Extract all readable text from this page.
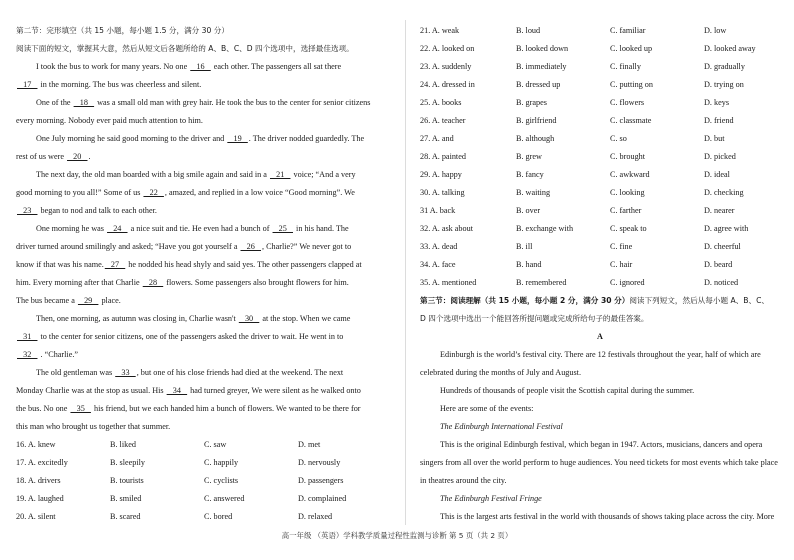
第二节：完形填空（共 15 小题，每小题 1.5 分，满分 30 分）
阅读下面的短文，掌握其大意，然后从短文后各题所给的 A、B、C、D 四个选项中，选择最佳选项。
I took the bus to work for many years. No one    16    each other. The passengers all sat there
17    in the morning. The bus was cheerless and silent.
One of the    18    was a small old man with grey hair. He took the bus to the center for senior citizens
every morning. Nobody ever paid much attention to him.
One July morning he said good morning to the driver and    19   . The driver nodded guardedly. The
rest of us were    20   .
The next day, the old man boarded with a big smile again and said in a    21    voice; “And a very
good morning to you all!” Some of us    22   , amazed, and replied in a low voice “Good morning”. We
23    began to nod and talk to each other.
One morning he was    24    a nice suit and tie. He even had a bunch of    25    in his hand. The
driver turned around smilingly and asked; “Have you got yourself a    26   , Charlie?” We never got to
know if that was his name.   27    he nodded his head shyly and said yes. The other passengers clapped at
him. Every morning after that Charlie    28    flowers. Some passengers also brought flowers for him.
The bus became a    29    place.
Then, one morning, as autumn was closing in, Charlie wasn't    30    at the stop. When we came
31    to the center for senior citizens, one of the passengers asked the driver to wait. He went in to
32    . “Charlie.”
The old gentleman was    33   , but one of his close friends had died at the weekend. The next
Monday Charlie was at the stop as usual. His    34    had turned greyer, We were silent as he walked onto
the bus. No one    35    his friend, but we each handed him a bunch of flowers. We wanted to be there for
this man who brought us together that summer.
16. A. knew	B. liked	C. saw	D. met
17. A. excitedly	B. sleepily	C. happily	D. nervously
18. A. drivers	B. tourists	C. cyclists	D. passengers
19. A. laughed	B. smiled	C. answered	D. complained
20. A. silent	B. scared	C. bored	D. relaxed
21. A. weak	B. loud	C. familiar	D. low
22. A. looked on	B. looked down	C. looked up	D. looked away
23. A. suddenly	B. immediately	C. finally	D. gradually
24. A. dressed in	B. dressed up	C. putting on	D. trying on
25. A. books	B. grapes	C. flowers	D. keys
26. A. teacher	B. girlfriend	C. classmate	D. friend
27. A. and	B. although	C. so	D. but
28. A. painted	B. grew	C. brought	D. picked
29. A. happy	B. fancy	C. awkward	D. ideal
30. A. talking	B. waiting	C. looking	D. checking
31 A. back	B. over	C. farther	D. nearer
32. A. ask about	B. exchange with	C. speak to	D. agree with
33. A. dead	B. ill	C. fine	D. cheerful
34. A. face	B. hand	C. hair	D. beard
35. A. mentioned	B. remembered	C. ignored	D. noticed
第三节：阅读理解（共 15 小题，每小题 2 分，满分 30 分）阅读下列短文，然后从每小题 A、B、C、
D 四个选项中选出一个能回答所提问题或完成所给句子的最佳答案。
A
Edinburgh is the world’s festival city. There are 12 festivals throughout the year, half of which are
celebrated during the months of July and August.
Hundreds of thousands of people visit the Scottish capital during the summer.
Here are some of the events:
The Edinburgh International Festival
This is the original Edinburgh festival, which began in 1947. Actors, musicians, dancers and opera
singers from all over the world perform to huge audiences. You need tickets for most events which take place
in theatres around the city.
The Edinburgh Festival Fringe
This is the largest arts festival in the world with thousands of shows taking place across the city. More
高一年级 （英语）学科教学质量过程性监测与诊断 第 5 页（共 2 页）
